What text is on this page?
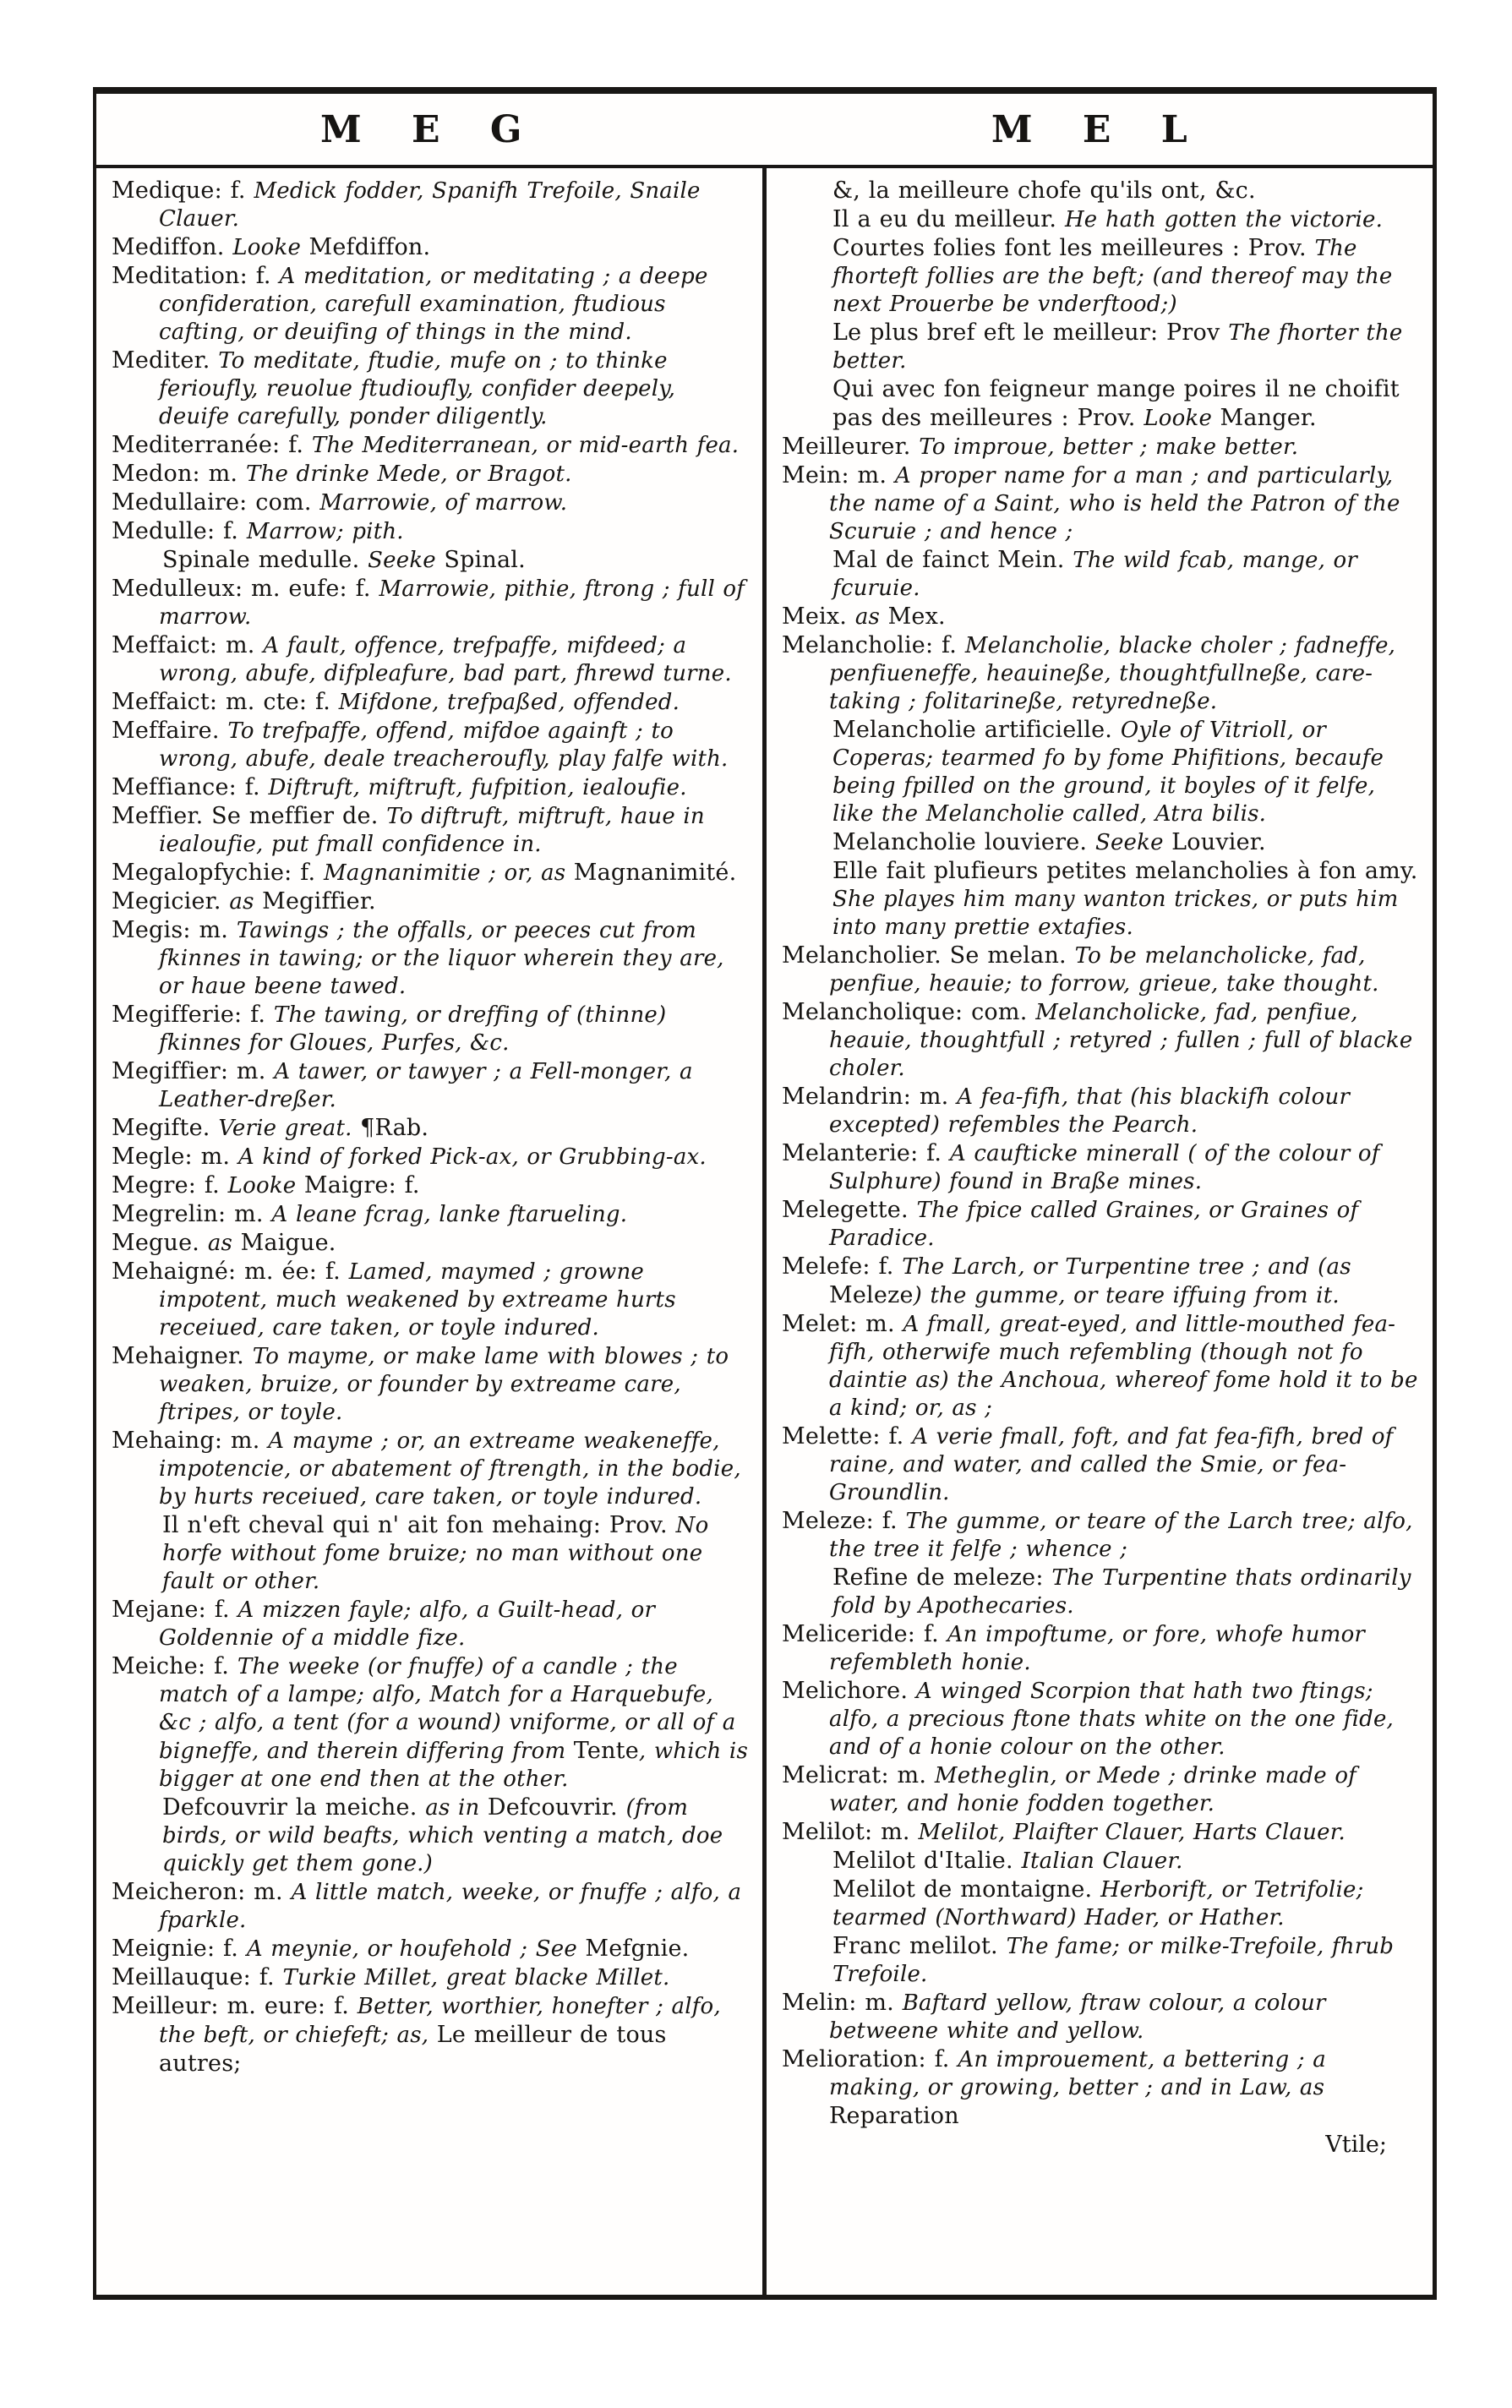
M E G	M E L

Medique: f. Medick fodder, Spanifh Trefoile, Snaile Clauer.

Mediffon. Looke Mefdiffon.

Meditation: f. A meditation, or meditating ; a deepe confideration, carefull examination, ftudious cafting, or deuifing of things in the mind.

Mediter. To meditate, ftudie, mufe on ; to thinke ferioufly, reuolue ftudioufly, confider deepely, deuife carefully, ponder diligently.

Mediterranée: f. The Mediterranean, or mid-earth fea.

Medon: m. The drinke Mede, or Bragot.

Medullaire: com. Marrowie, of marrow.

Medulle: f. Marrow; pith.

Spinale medulle. Seeke Spinal.

Medulleux: m. eufe: f. Marrowie, pithie, ftrong ; full of marrow.

Meffaict: m. A fault, offence, trefpaffe, mifdeed; a wrong, abufe, difpleafure, bad part, fhrewd turne.

Meffaict: m. cte: f. Mifdone, trefpaßed, offended.

Meffaire. To trefpaffe, offend, mifdoe againft ; to wrong, abufe, deale treacheroufly, play falfe with.

Meffiance: f. Diftruft, miftruft, fufpition, iealoufie.

Meffier. Se meffier de. To diftruft, miftruft, haue in iealoufie, put fmall confidence in.

Megalopfychie: f. Magnanimitie ; or, as Magnanimité.

Megicier. as Megiffier.

Megis: m. Tawings ; the offalls, or peeces cut from fkinnes in tawing; or the liquor wherein they are, or haue beene tawed.

Megifferie: f. The tawing, or dreffing of (thinne) fkinnes for Gloues, Purfes, &c.

Megiffier: m. A tawer, or tawyer ; a Fell-monger, a Leather-dreßer.

Megifte. Verie great. ¶Rab.

Megle: m. A kind of forked Pick-ax, or Grubbing-ax.

Megre: f. Looke Maigre: f.

Megrelin: m. A leane fcrag, lanke ftarueling.

Megue. as Maigue.

Mehaigné: m. ée: f. Lamed, maymed ; growne impotent, much weakened by extreame hurts receiued, care taken, or toyle indured.

Mehaigner. To mayme, or make lame with blowes ; to weaken, bruize, or founder by extreame care, ftripes, or toyle.

Mehaing: m. A mayme ; or, an extreame weakeneffe, impotencie, or abatement of ftrength, in the bodie, by hurts receiued, care taken, or toyle indured.

Il n'eft cheval qui n' ait fon mehaing: Prov. No horfe without fome bruize; no man without one fault or other.

Mejane: f. A mizzen fayle; alfo, a Guilt-head, or Goldennie of a middle fize.

Meiche: f. The weeke (or fnuffe) of a candle ; the match of a lampe; alfo, Match for a Harquebufe, &c ; alfo, a tent (for a wound) vniforme, or all of a bigneffe, and therein differing from Tente, which is bigger at one end then at the other.

Defcouvrir la meiche. as in Defcouvrir. (from birds, or wild beafts, which venting a match, doe quickly get them gone.)

Meicheron: m. A little match, weeke, or fnuffe ; alfo, a fparkle.

Meignie: f. A meynie, or houfehold ; See Mefgnie.

Meillauque: f. Turkie Millet, great blacke Millet.

Meilleur: m. eure: f. Better, worthier, honefter ; alfo, the beft, or chiefeft; as, Le meilleur de tous autres;

&, la meilleure chofe qu'ils ont, &c.

Il a eu du meilleur. He hath gotten the victorie.

Courtes folies font les meilleures : Prov. The fhorteft follies are the beft; (and thereof may the next Prouerbe be vnderftood;)

Le plus bref eft le meilleur: Prov The fhorter the better.

Qui avec fon feigneur mange poires il ne choifit pas des meilleures : Prov. Looke Manger.

Meilleurer. To improue, better ; make better.

Mein: m. A proper name for a man ; and particularly, the name of a Saint, who is held the Patron of the Scuruie ; and hence ;

Mal de fainct Mein. The wild fcab, mange, or fcuruie.

Meix. as Mex.

Melancholie: f. Melancholie, blacke choler ; fadneffe, penfiueneffe, heauineße, thoughtfullneße, care-taking ; folitarineße, retyredneße.

Melancholie artificielle. Oyle of Vitrioll, or Coperas; tearmed fo by fome Phifitions, becaufe being fpilled on the ground, it boyles of it felfe, like the Melancholie called, Atra bilis.

Melancholie louviere. Seeke Louvier.

Elle fait plufieurs petites melancholies à fon amy. She playes him many wanton trickes, or puts him into many prettie extafies.

Melancholier. Se melan. To be melancholicke, fad, penfiue, heauie; to forrow, grieue, take thought.

Melancholique: com. Melancholicke, fad, penfiue, heauie, thoughtfull ; retyred ; fullen ; full of blacke choler.

Melandrin: m. A fea-fifh, that (his blackifh colour excepted) refembles the Pearch.

Melanterie: f. A caufticke minerall ( of the colour of Sulphure) found in Braße mines.

Melegette. The fpice called Graines, or Graines of Paradice.

Melefe: f. The Larch, or Turpentine tree ; and (as Meleze) the gumme, or teare iffuing from it.

Melet: m. A fmall, great-eyed, and little-mouthed fea-fifh, otherwife much refembling (though not fo daintie as) the Anchoua, whereof fome hold it to be a kind; or, as ;

Melette: f. A verie fmall, foft, and fat fea-fifh, bred of raine, and water, and called the Smie, or fea-Groundlin.

Meleze: f. The gumme, or teare of the Larch tree; alfo, the tree it felfe ; whence ;

Refine de meleze: The Turpentine thats ordinarily fold by Apothecaries.

Meliceride: f. An impoftume, or fore, whofe humor refembleth honie.

Melichore. A winged Scorpion that hath two ftings; alfo, a precious ftone thats white on the one fide, and of a honie colour on the other.

Melicrat: m. Metheglin, or Mede ; drinke made of water, and honie fodden together.

Melilot: m. Melilot, Plaifter Clauer, Harts Clauer.

Melilot d'Italie. Italian Clauer.

Melilot de montaigne. Herborift, or Tetrifolie; tearmed (Northward) Hader, or Hather.

Franc melilot. The fame; or milke-Trefoile, fhrub Trefoile.

Melin: m. Baftard yellow, ftraw colour, a colour betweene white and yellow.

Melioration: f. An improuement, a bettering ; a making, or growing, better ; and in Law, as Reparation

Vtile;
